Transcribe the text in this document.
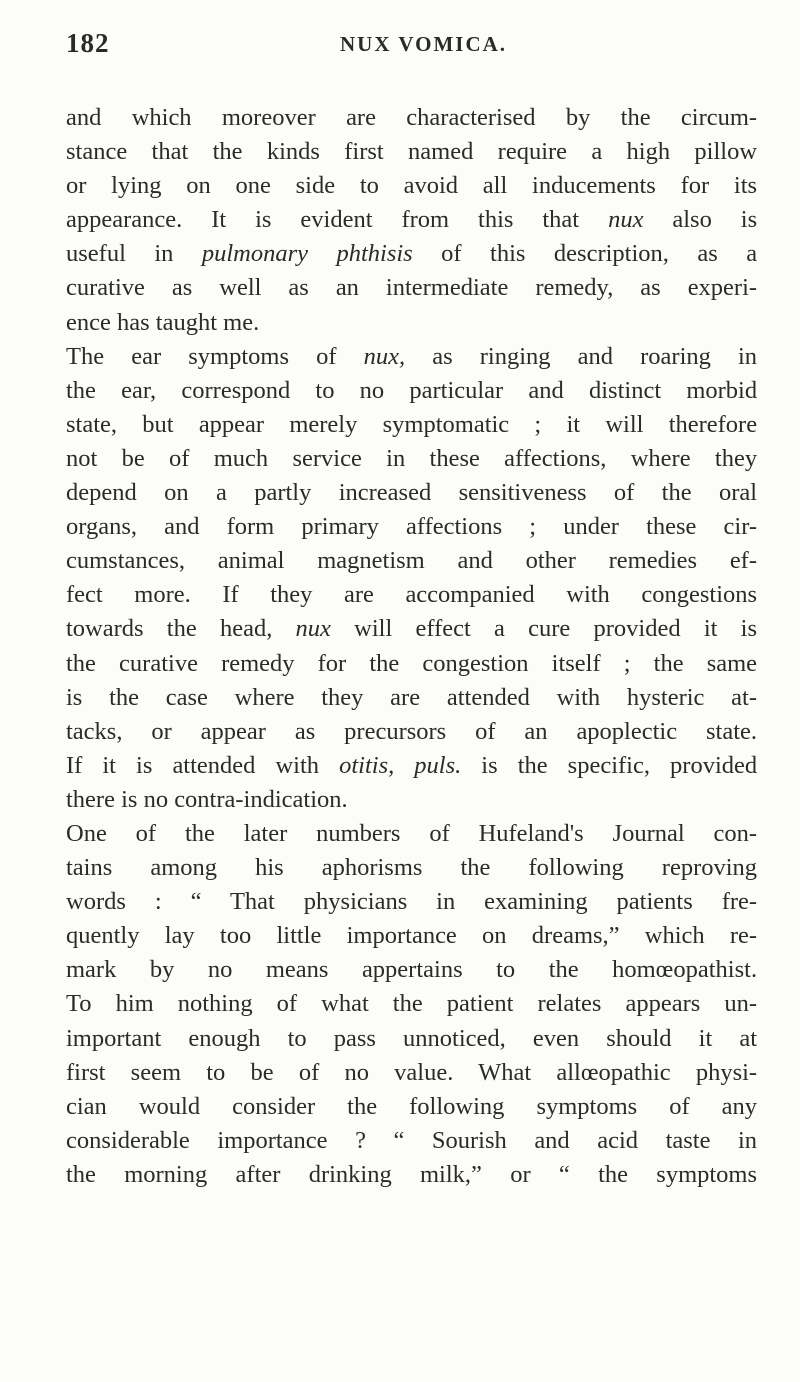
182	NUX VOMICA.
and which moreover are characterised by the circum-
stance that the kinds first named require a high pillow
or lying on one side to avoid all inducements for its
appearance. It is evident from this that nux also is
useful in pulmonary phthisis of this description, as a
curative as well as an intermediate remedy, as experi-
ence has taught me.
The ear symptoms of nux, as ringing and roaring in
the ear, correspond to no particular and distinct morbid
state, but appear merely symptomatic ; it will therefore
not be of much service in these affections, where they
depend on a partly increased sensitiveness of the oral
organs, and form primary affections ; under these cir-
cumstances, animal magnetism and other remedies ef-
fect more. If they are accompanied with congestions
towards the head, nux will effect a cure provided it is
the curative remedy for the congestion itself ; the same
is the case where they are attended with hysteric at-
tacks, or appear as precursors of an apoplectic state.
If it is attended with otitis, puls. is the specific, provided
there is no contra-indication.
One of the later numbers of Hufeland's Journal con-
tains among his aphorisms the following reproving
words : “ That physicians in examining patients fre-
quently lay too little importance on dreams,” which re-
mark by no means appertains to the homœopathist.
To him nothing of what the patient relates appears un-
important enough to pass unnoticed, even should it at
first seem to be of no value. What allœopathic physi-
cian would consider the following symptoms of any
considerable importance ? “ Sourish and acid taste in
the morning after drinking milk,” or “ the symptoms
